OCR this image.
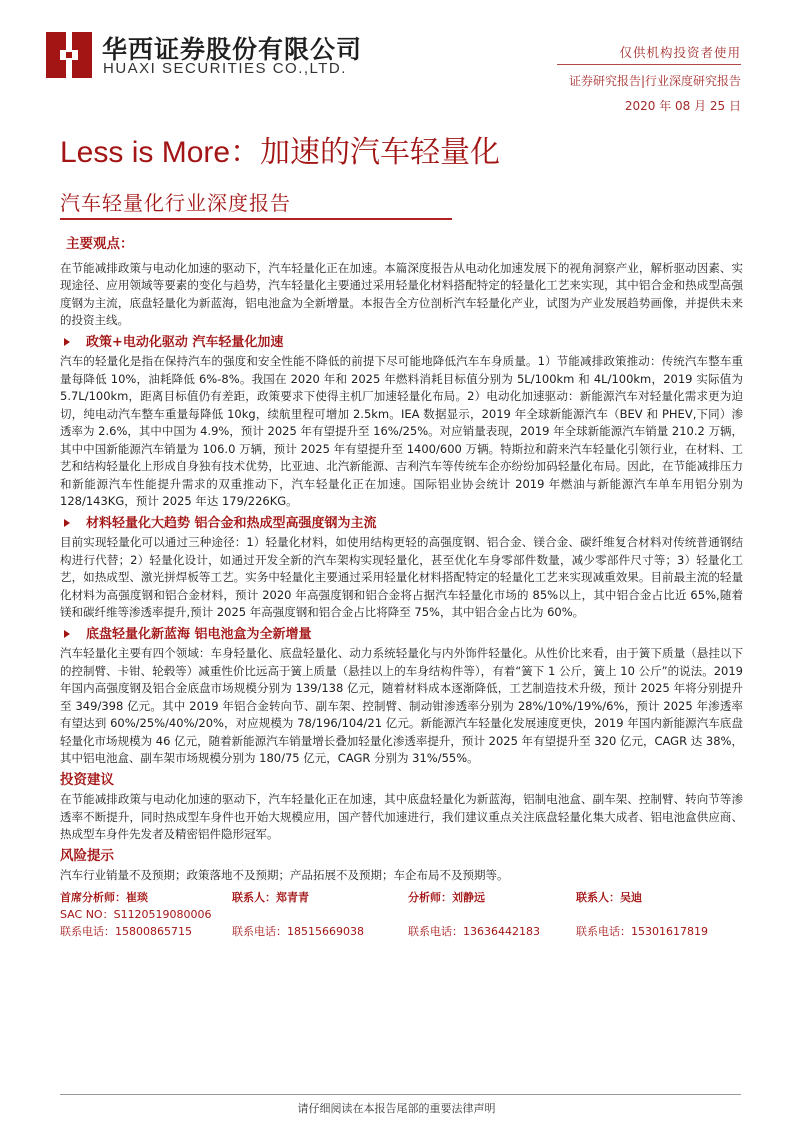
华西证券股份有限公司
HUAXI SECURITIES CO.,LTD.
仅供机构投资者使用
证券研究报告|行业深度研究报告
2020 年 08 月 25 日
Less is More：加速的汽车轻量化
汽车轻量化行业深度报告
主要观点：

在节能减排政策与电动化加速的驱动下，汽车轻量化正在加速。本篇深度报告从电动化加速发展下的视角洞察产业，解析驱动因素、实现途径、应用领域等要素的变化与趋势，汽车轻量化主要通过采用轻量化材料搭配特定的轻量化工艺来实现，其中铝合金和热成型高强度钢为主流，底盘轻量化为新蓝海，铝电池盒为全新增量。本报告全方位剖析汽车轻量化产业，试图为产业发展趋势画像，并提供未来的投资主线。

政策+电动化驱动 汽车轻量化加速

汽车的轻量化是指在保持汽车的强度和安全性能不降低的前提下尽可能地降低汽车车身质量。1）节能减排政策推动：传统汽车整车重量每降低 10%，油耗降低 6%-8%。我国在 2020 年和 2025 年燃料消耗目标值分别为 5L/100km 和 4L/100km，2019 实际值为 5.7L/100km，距离目标值仍有差距，政策要求下使得主机厂加速轻量化布局。2）电动化加速驱动：新能源汽车对轻量化需求更为迫切，纯电动汽车整车重量每降低 10kg，续航里程可增加 2.5km。IEA 数据显示，2019 年全球新能源汽车（BEV 和 PHEV,下同）渗透率为 2.6%，其中中国为 4.9%，预计 2025 年有望提升至 16%/25%。对应销量表现，2019 年全球新能源汽车销量 210.2 万辆，其中中国新能源汽车销量为 106.0 万辆，预计 2025 年有望提升至 1400/600 万辆。特斯拉和蔚来汽车轻量化引领行业，在材料、工艺和结构轻量化上形成自身独有技术优势，比亚迪、北汽新能源、吉利汽车等传统车企亦纷纷加码轻量化布局。因此，在节能减排压力和新能源汽车性能提升需求的双重推动下，汽车轻量化正在加速。国际铝业协会统计 2019 年燃油与新能源汽车单车用铝分别为 128/143KG，预计 2025 年达 179/226KG。

材料轻量化大趋势 铝合金和热成型高强度钢为主流

目前实现轻量化可以通过三种途径：1）轻量化材料，如使用结构更轻的高强度钢、铝合金、镁合金、碳纤维复合材料对传统普通钢结构进行代替；2）轻量化设计，如通过开发全新的汽车架构实现轻量化，甚至优化车身零部件数量，减少零部件尺寸等；3）轻量化工艺，如热成型、激光拼焊板等工艺。实务中轻量化主要通过采用轻量化材料搭配特定的轻量化工艺来实现减重效果。目前最主流的轻量化材料为高强度钢和铝合金材料，预计 2020 年高强度钢和铝合金将占据汽车轻量化市场的 85%以上，其中铝合金占比近 65%,随着镁和碳纤维等渗透率提升,预计 2025 年高强度钢和铝合金占比将降至 75%，其中铝合金占比为 60%。

底盘轻量化新蓝海 铝电池盒为全新增量

汽车轻量化主要有四个领域：车身轻量化、底盘轻量化、动力系统轻量化与内外饰件轻量化。从性价比来看，由于簧下质量（悬挂以下的控制臂、卡钳、轮毂等）减重性价比远高于簧上质量（悬挂以上的车身结构件等），有着“簧下 1 公斤，簧上 10 公斤”的说法。2019 年国内高强度钢及铝合金底盘市场规模分别为 139/138 亿元，随着材料成本逐渐降低，工艺制造技术升级，预计 2025 年将分别提升至 349/398 亿元。其中 2019 年铝合金转向节、副车架、控制臂、制动钳渗透率分别为 28%/10%/19%/6%，预计 2025 年渗透率有望达到 60%/25%/40%/20%，对应规模为 78/196/104/21 亿元。新能源汽车轻量化发展速度更快，2019 年国内新能源汽车底盘轻量化市场规模为 46 亿元，随着新能源汽车销量增长叠加轻量化渗透率提升，预计 2025 年有望提升至 320 亿元，CAGR 达 38%，其中铝电池盒、副车架市场规模分别为 180/75 亿元，CAGR 分别为 31%/55%。

投资建议

在节能减排政策与电动化加速的驱动下，汽车轻量化正在加速，其中底盘轻量化为新蓝海，铝制电池盒、副车架、控制臂、转向节等渗透率不断提升，同时热成型车身件也开始大规模应用，国产替代加速进行，我们建议重点关注底盘轻量化集大成者、铝电池盒供应商、热成型车身件先发者及精密铝件隐形冠军。

风险提示

汽车行业销量不及预期；政策落地不及预期；产品拓展不及预期；车企布局不及预期等。

首席分析师：崔琰	联系人：郑青青	分析师：刘静远	联系人：吴迪
SAC NO：S1120519080006
联系电话：15800865715	联系电话：18515669038	联系电话：13636442183	联系电话：15301617819
请仔细阅读在本报告尾部的重要法律声明
